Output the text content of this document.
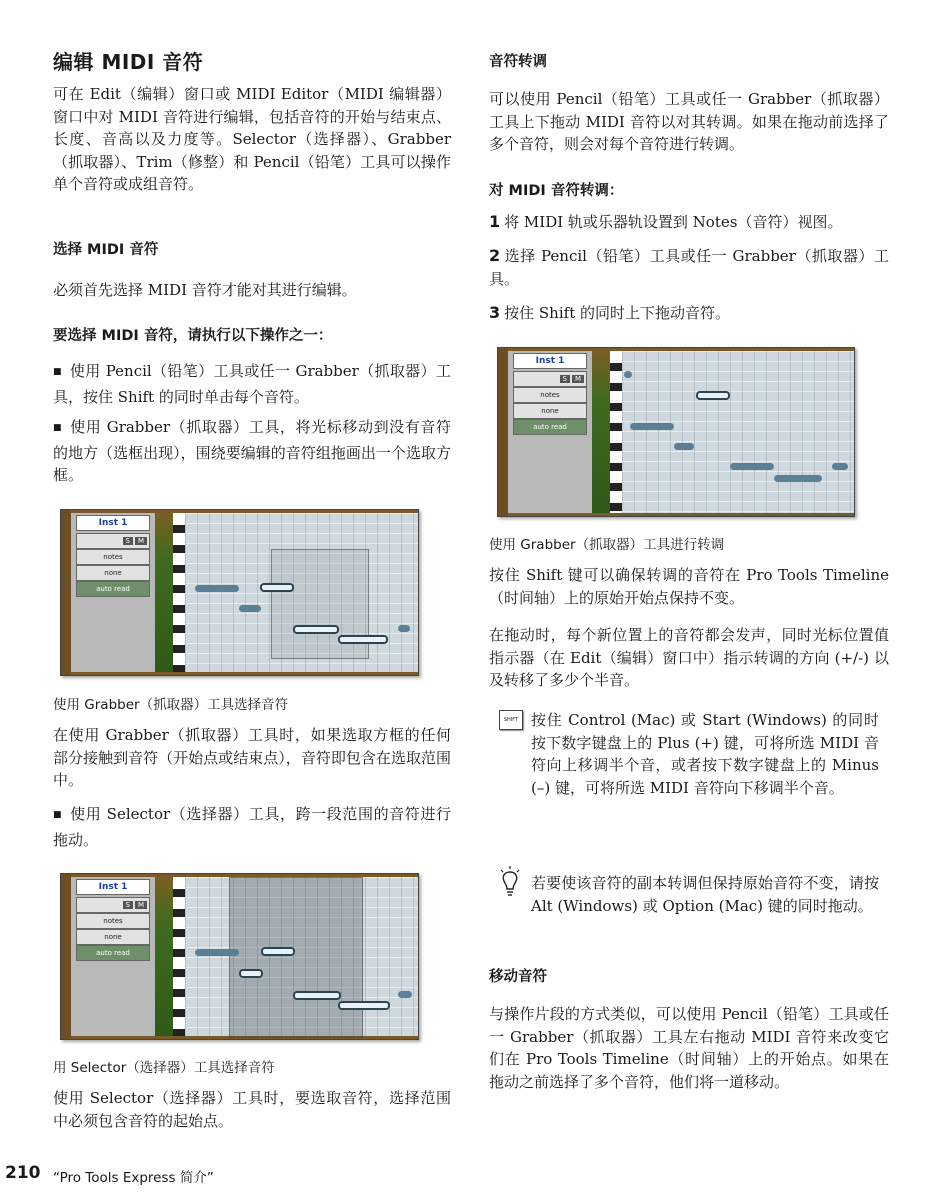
编辑 MIDI 音符
可在 Edit（编辑）窗口或 MIDI Editor（MIDI 编辑器）窗口中对 MIDI 音符进行编辑，包括音符的开始与结束点、长度、音高以及力度等。Selector（选择器）、Grabber（抓取器）、Trim（修整）和 Pencil（铅笔）工具可以操作单个音符或成组音符。
选择 MIDI 音符
必须首先选择 MIDI 音符才能对其进行编辑。
要选择 MIDI 音符，请执行以下操作之一：
■ 使用 Pencil（铅笔）工具或任一 Grabber（抓取器）工具，按住 Shift 的同时单击每个音符。
■ 使用 Grabber（抓取器）工具，将光标移动到没有音符的地方（选框出现），围绕要编辑的音符组拖画出一个选取方框。
Inst 1
S M
notes
none
auto read
使用 Grabber（抓取器）工具选择音符
在使用 Grabber（抓取器）工具时，如果选取方框的任何部分接触到音符（开始点或结束点），音符即包含在选取范围中。
■ 使用 Selector（选择器）工具，跨一段范围的音符进行拖动。
Inst 1
S M
notes
none
auto read
用 Selector（选择器）工具选择音符
使用 Selector（选择器）工具时，要选取音符，选择范围中必须包含音符的起始点。
音符转调
可以使用 Pencil（铅笔）工具或任一 Grabber（抓取器）工具上下拖动 MIDI 音符以对其转调。如果在拖动前选择了多个音符，则会对每个音符进行转调。
对 MIDI 音符转调：
1 将 MIDI 轨或乐器轨设置到 Notes（音符）视图。
2 选择 Pencil（铅笔）工具或任一 Grabber（抓取器）工具。
3 按住 Shift 的同时上下拖动音符。
Inst 1
S M
notes
none
auto read
使用 Grabber（抓取器）工具进行转调
按住 Shift 键可以确保转调的音符在 Pro Tools Timeline（时间轴）上的原始开始点保持不变。
在拖动时，每个新位置上的音符都会发声，同时光标位置值指示器（在 Edit（编辑）窗口中）指示转调的方向 (+/-) 以及转移了多少个半音。
SHIFT 按住 Control (Mac) 或 Start (Windows) 的同时按下数字键盘上的 Plus (+) 键，可将所选 MIDI 音符向上移调半个音，或者按下数字键盘上的 Minus (–) 键，可将所选 MIDI 音符向下移调半个音。
若要使该音符的副本转调但保持原始音符不变，请按 Alt (Windows) 或 Option (Mac) 键的同时拖动。
移动音符
与操作片段的方式类似，可以使用 Pencil（铅笔）工具或任一 Grabber（抓取器）工具左右拖动 MIDI 音符来改变它们在 Pro Tools Timeline（时间轴）上的开始点。如果在拖动之前选择了多个音符，他们将一道移动。
210 “Pro Tools Express 简介”
